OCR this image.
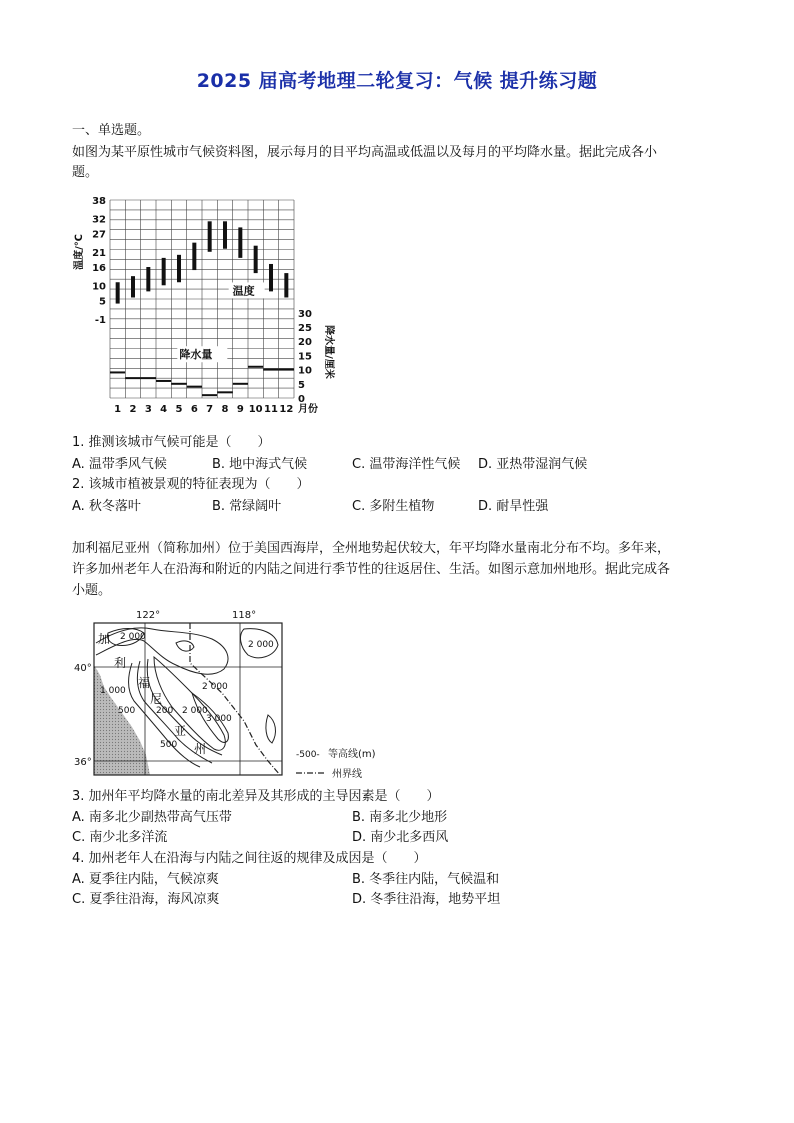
2025 届高考地理二轮复习：气候 提升练习题
一、单选题。
如图为某平原性城市气候资料图，展示每月的目平均高温或低温以及每月的平均降水量。据此完成各小
题。
38
32
27
21
16
10
5
-1
30
25
20
15
10
5
0
1 2 3 4 5 6 7 8 9 10 11 12 月份
温度/℃
降水量/厘米
温度
降水量
1. 推测该城市气候可能是（　　）
A. 温带季风气候	B. 地中海式气候	C. 温带海洋性气候 D. 亚热带湿润气候
2. 该城市植被景观的特征表现为（　　）
A. 秋冬落叶	B. 常绿阔叶	C. 多附生植物	D. 耐旱性强
加利福尼亚州（简称加州）位于美国西海岸，全州地势起伏较大，年平均降水量南北分布不均。多年来，
许多加州老年人在沿海和附近的内陆之间进行季节性的往返居住、生活。如图示意加州地形。据此完成各
小题。
122°	118°
40°
36°
加
利
福
尼
亚
州
2 000
2 000
1 000
500
2 000
200
3 000
500
2 000
-500- 等高线(m)
州界线
3. 加州年平均降水量的南北差异及其形成的主导因素是（　　）
A. 南多北少副热带高气压带	B. 南多北少地形
C. 南少北多洋流	D. 南少北多西风
4. 加州老年人在沿海与内陆之间往返的规律及成因是（　　）
A. 夏季往内陆，气候凉爽	B. 冬季往内陆，气候温和
C. 夏季往沿海，海风凉爽	D. 冬季往沿海，地势平坦
